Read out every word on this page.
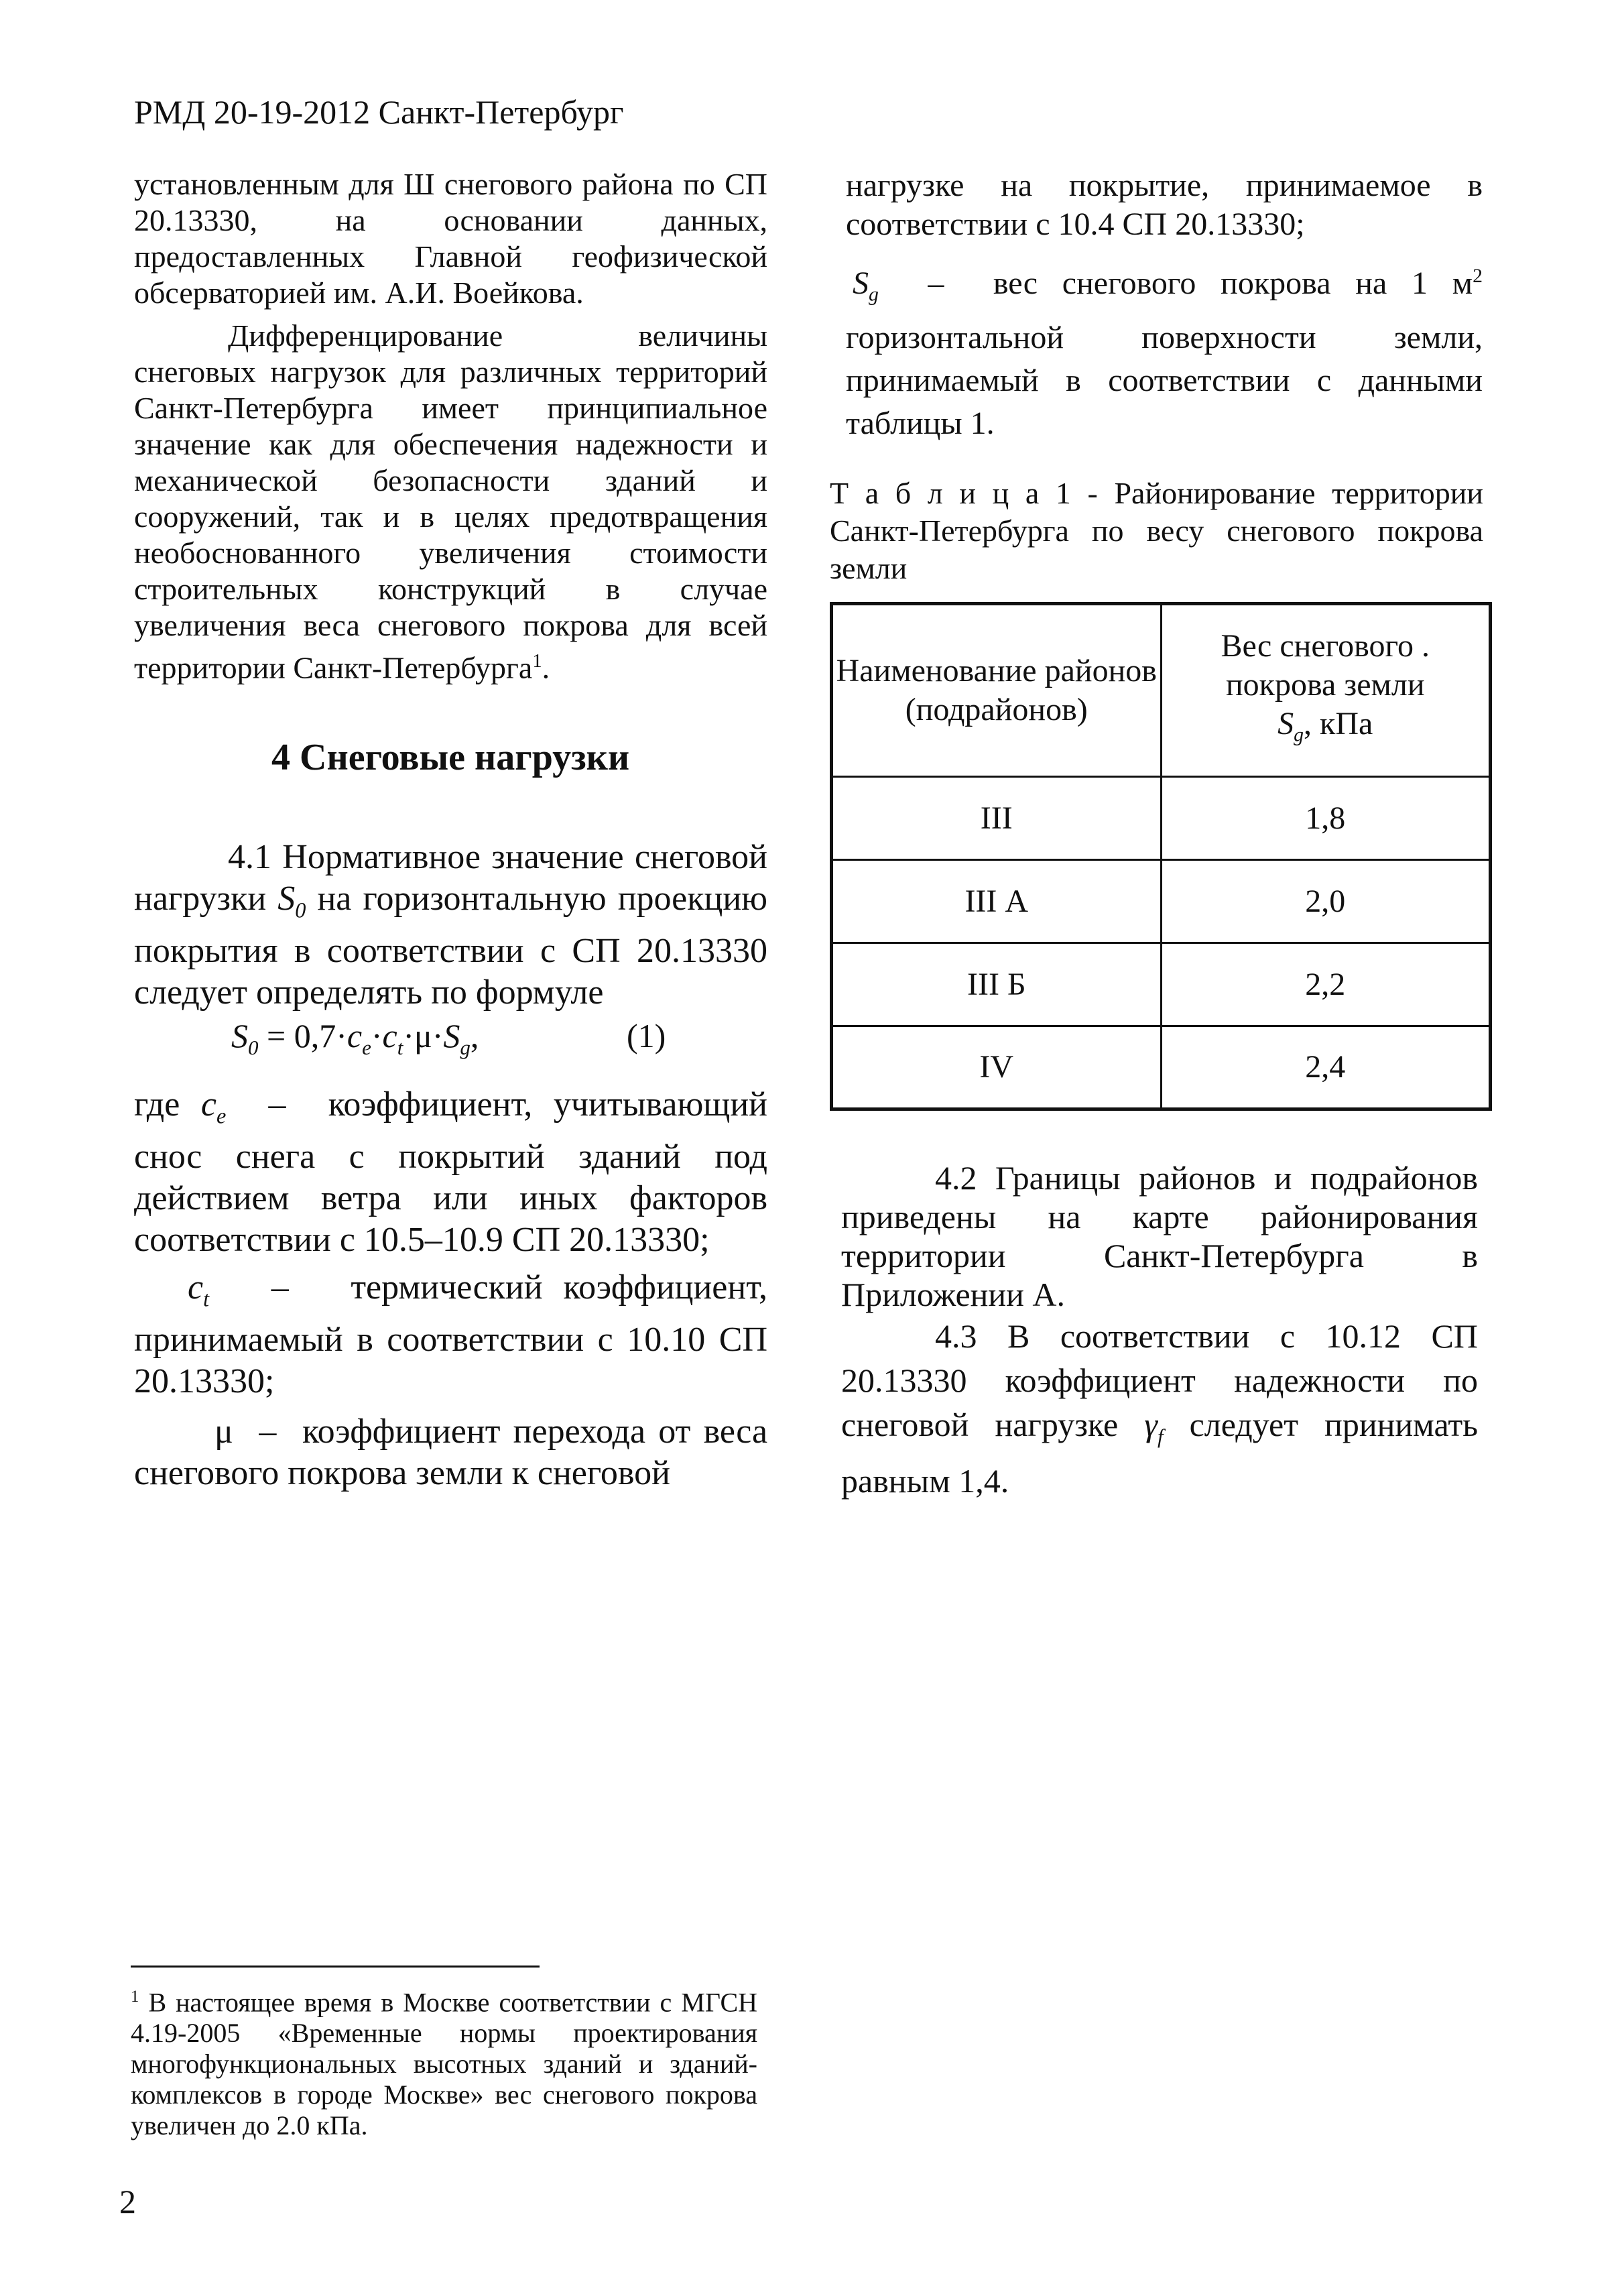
РМД 20-19-2012 Санкт-Петербург

установленным для Ш снегового района по СП 20.13330, на основании данных, предоставленных Главной геофизической обсерваторией им. А.И. Воейкова.

Дифференцирование величины снеговых нагрузок для различных территорий Санкт-Петербурга имеет принципиальное значение как для обеспечения надежности и механической безопасности зданий и сооружений, так и в целях предотвращения необоснованного увеличения стоимости строительных конструкций в случае увеличения веса снегового покрова для всей территории Санкт-Петербурга$^1$.

4 Снеговые нагрузки

4.1 Нормативное значение снеговой нагрузки $S_0$ на горизонтальную проекцию покрытия в соответствии с СП 20.13330 следует определять по формуле

$S_0 = 0,7\cdot c_e\cdot c_t\cdot\mu\cdot S_g$,	(1)

где $c_e$ – коэффициент, учитывающий снос снега с покрытий зданий под действием ветра или иных факторов соответствии с 10.5–10.9 СП 20.13330;

$c_t$ – термический коэффициент, принимаемый в соответствии с 10.10 СП 20.13330;

μ – коэффициент перехода от веса снегового покрова земли к снеговой

нагрузке на покрытие, принимаемое в соответствии с 10.4 СП 20.13330;

$S_g$ – вес снегового покрова на 1 $м^2$ горизонтальной поверхности земли, принимаемый в соответствии с данными таблицы 1.

Т а б л и ц а 1 - Районирование территории Санкт-Петербурга по весу снегового покрова земли

Наименование районов (подрайонов)	Вес снегового .
покрова земли
$S_g$, кПа

III	1,8
III А	2,0
III Б	2,2
IV	2,4

4.2 Границы районов и подрайонов приведены на карте районирования территории Санкт-Петербурга в Приложении А.

4.3 В соответствии с 10.12 СП 20.13330 коэффициент надежности по снеговой нагрузке $\gamma_f$ следует принимать равным 1,4.

$^1$ В настоящее время в Москве соответствии с МГСН 4.19-2005 «Временные нормы проектирования многофункциональных высотных зданий и зданий-комплексов в городе Москве» вес снегового покрова увеличен до 2.0 кПа.
2
